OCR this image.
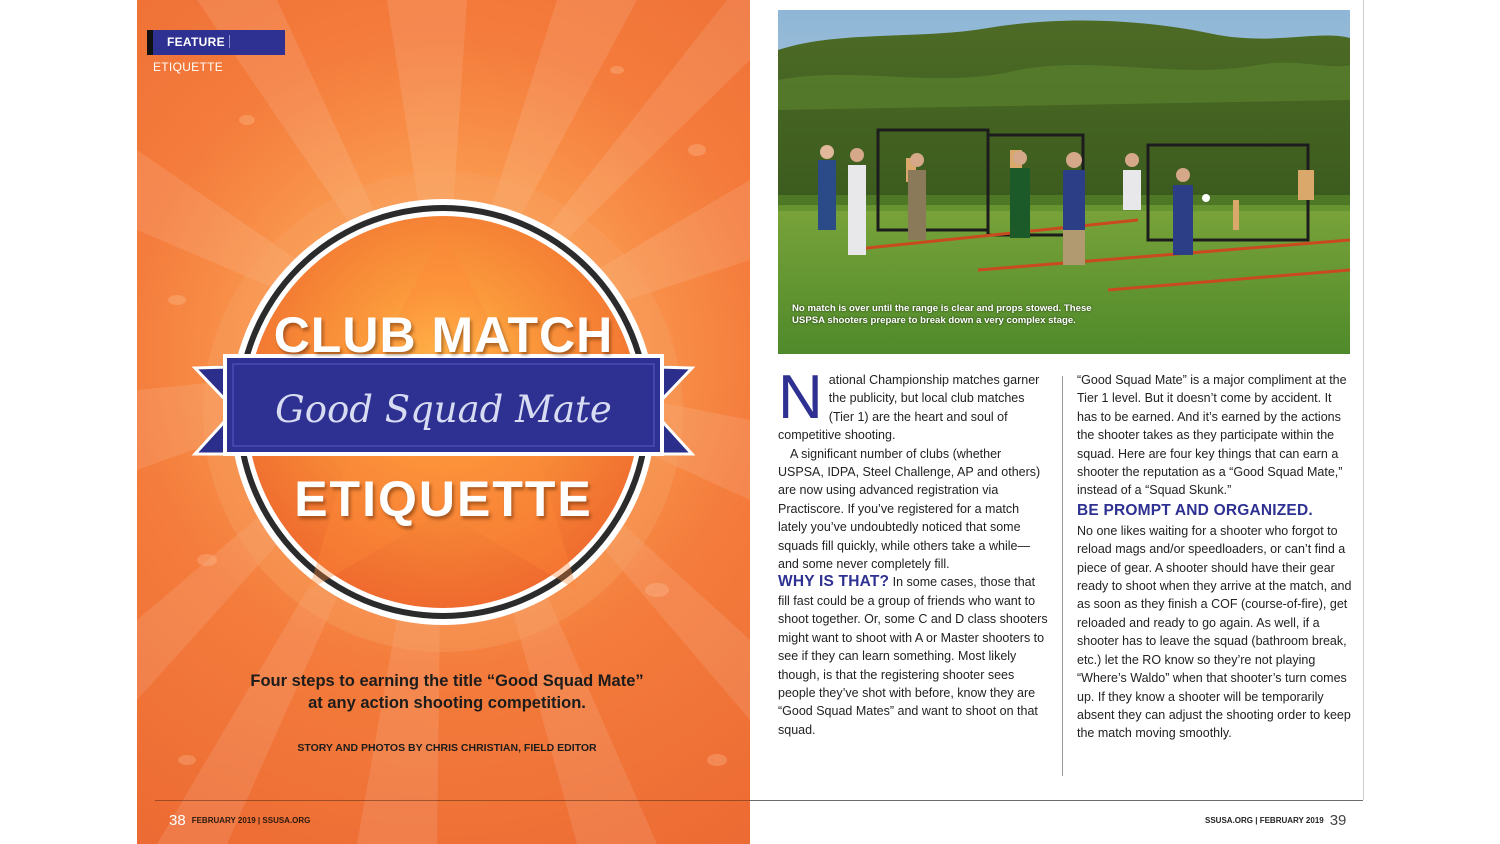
FEATUREETIQUETTE
CLUB MATCH
Good Squad Mate
ETIQUETTE
Four steps to earning the title “Good Squad Mate”
at any action shooting competition.
STORY AND PHOTOS BY CHRIS CHRISTIAN, FIELD EDITOR
38 FEBRUARY 2019 | SSUSA.ORG
No match is over until the range is clear and props stowed. These USPSA shooters prepare to break down a very complex stage.

National Championship matches garner the publicity, but local club matches (Tier 1) are the heart and soul of competitive shooting.

A significant number of clubs (whether USPSA, IDPA, Steel Challenge, AP and others) are now using advanced registration via Practiscore. If you’ve registered for a match lately you’ve undoubtedly noticed that some squads fill quickly, while others take a while—and some never completely fill.

WHY IS THAT? In some cases, those that fill fast could be a group of friends who want to shoot together. Or, some C and D class shooters might want to shoot with A or Master shooters to see if they can learn something. Most likely though, is that the registering shooter sees people they’ve shot with before, know they are “Good Squad Mates” and want to shoot on that squad.

“Good Squad Mate” is a major compliment at the Tier 1 level. But it doesn’t come by accident. It has to be earned. And it’s earned by the actions the shooter takes as they participate within the squad. Here are four key things that can earn a shooter the reputation as a “Good Squad Mate,” instead of a “Squad Skunk.”

BE PROMPT AND ORGANIZED.

No one likes waiting for a shooter who forgot to reload mags and/or speedloaders, or can’t find a piece of gear. A shooter should have their gear ready to shoot when they arrive at the match, and as soon as they finish a COF (course-of-fire), get reloaded and ready to go again. As well, if a shooter has to leave the squad (bathroom break, etc.) let the RO know so they’re not playing “Where’s Waldo” when that shooter’s turn comes up. If they know a shooter will be temporarily absent they can adjust the shooting order to keep the match moving smoothly.

SSUSA.ORG | FEBRUARY 2019 39
